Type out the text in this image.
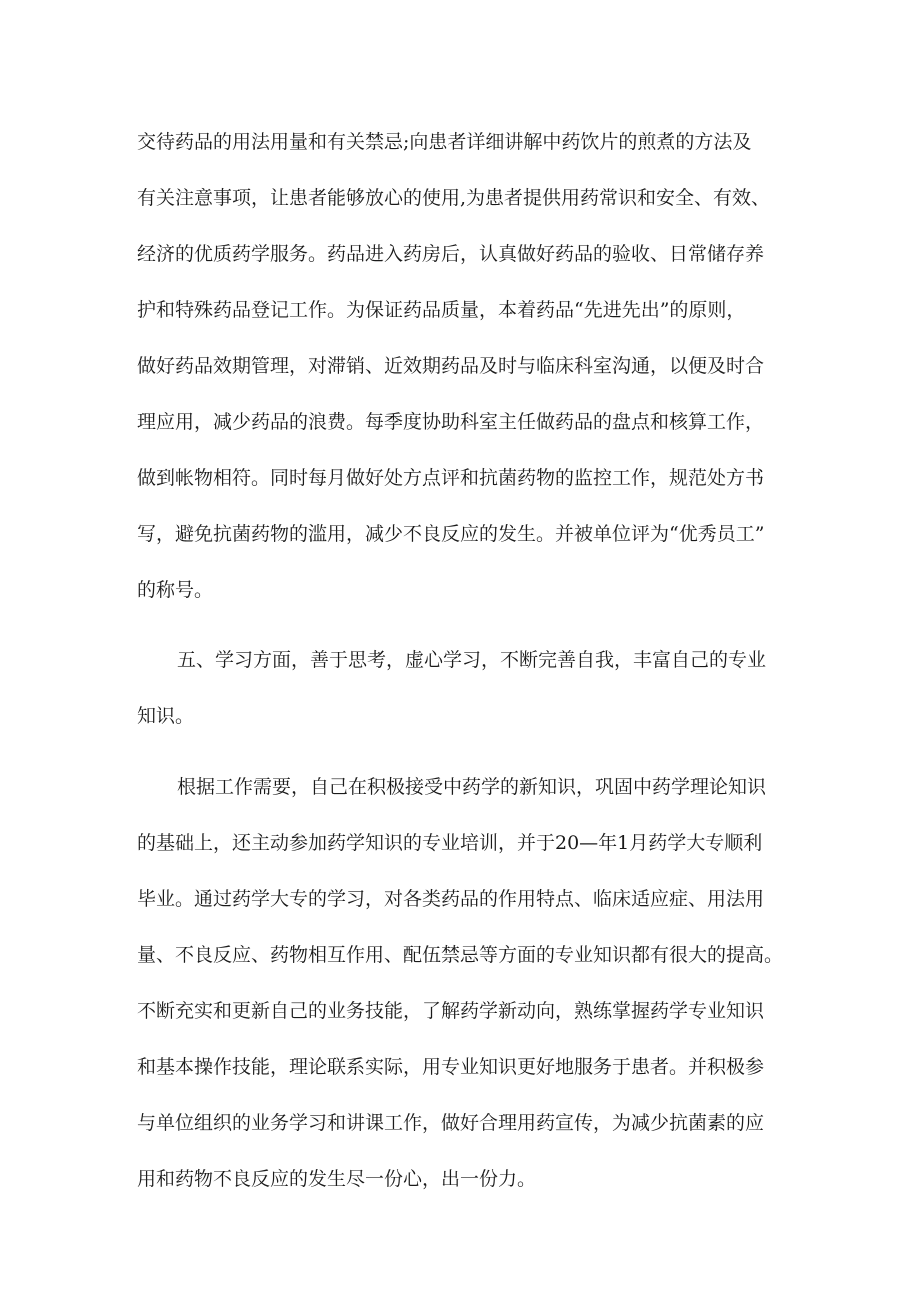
交待药品的用法用量和有关禁忌;向患者详细讲解中药饮片的煎煮的方法及
有关注意事项，让患者能够放心的使用,为患者提供用药常识和安全、有效、
经济的优质药学服务。药品进入药房后，认真做好药品的验收、日常储存养
护和特殊药品登记工作。为保证药品质量，本着药品“先进先出”的原则，
做好药品效期管理，对滞销、近效期药品及时与临床科室沟通，以便及时合
理应用，减少药品的浪费。每季度协助科室主任做药品的盘点和核算工作，
做到帐物相符。同时每月做好处方点评和抗菌药物的监控工作，规范处方书
写，避免抗菌药物的滥用，减少不良反应的发生。并被单位评为“优秀员工”
的称号。
五、学习方面，善于思考，虚心学习，不断完善自我，丰富自己的专业
知识。
根据工作需要，自己在积极接受中药学的新知识，巩固中药学理论知识
的基础上，还主动参加药学知识的专业培训，并于20—年1月药学大专顺利
毕业。通过药学大专的学习，对各类药品的作用特点、临床适应症、用法用
量、不良反应、药物相互作用、配伍禁忌等方面的专业知识都有很大的提高。
不断充实和更新自己的业务技能，了解药学新动向，熟练掌握药学专业知识
和基本操作技能，理论联系实际，用专业知识更好地服务于患者。并积极参
与单位组织的业务学习和讲课工作，做好合理用药宣传，为减少抗菌素的应
用和药物不良反应的发生尽一份心，出一份力。
